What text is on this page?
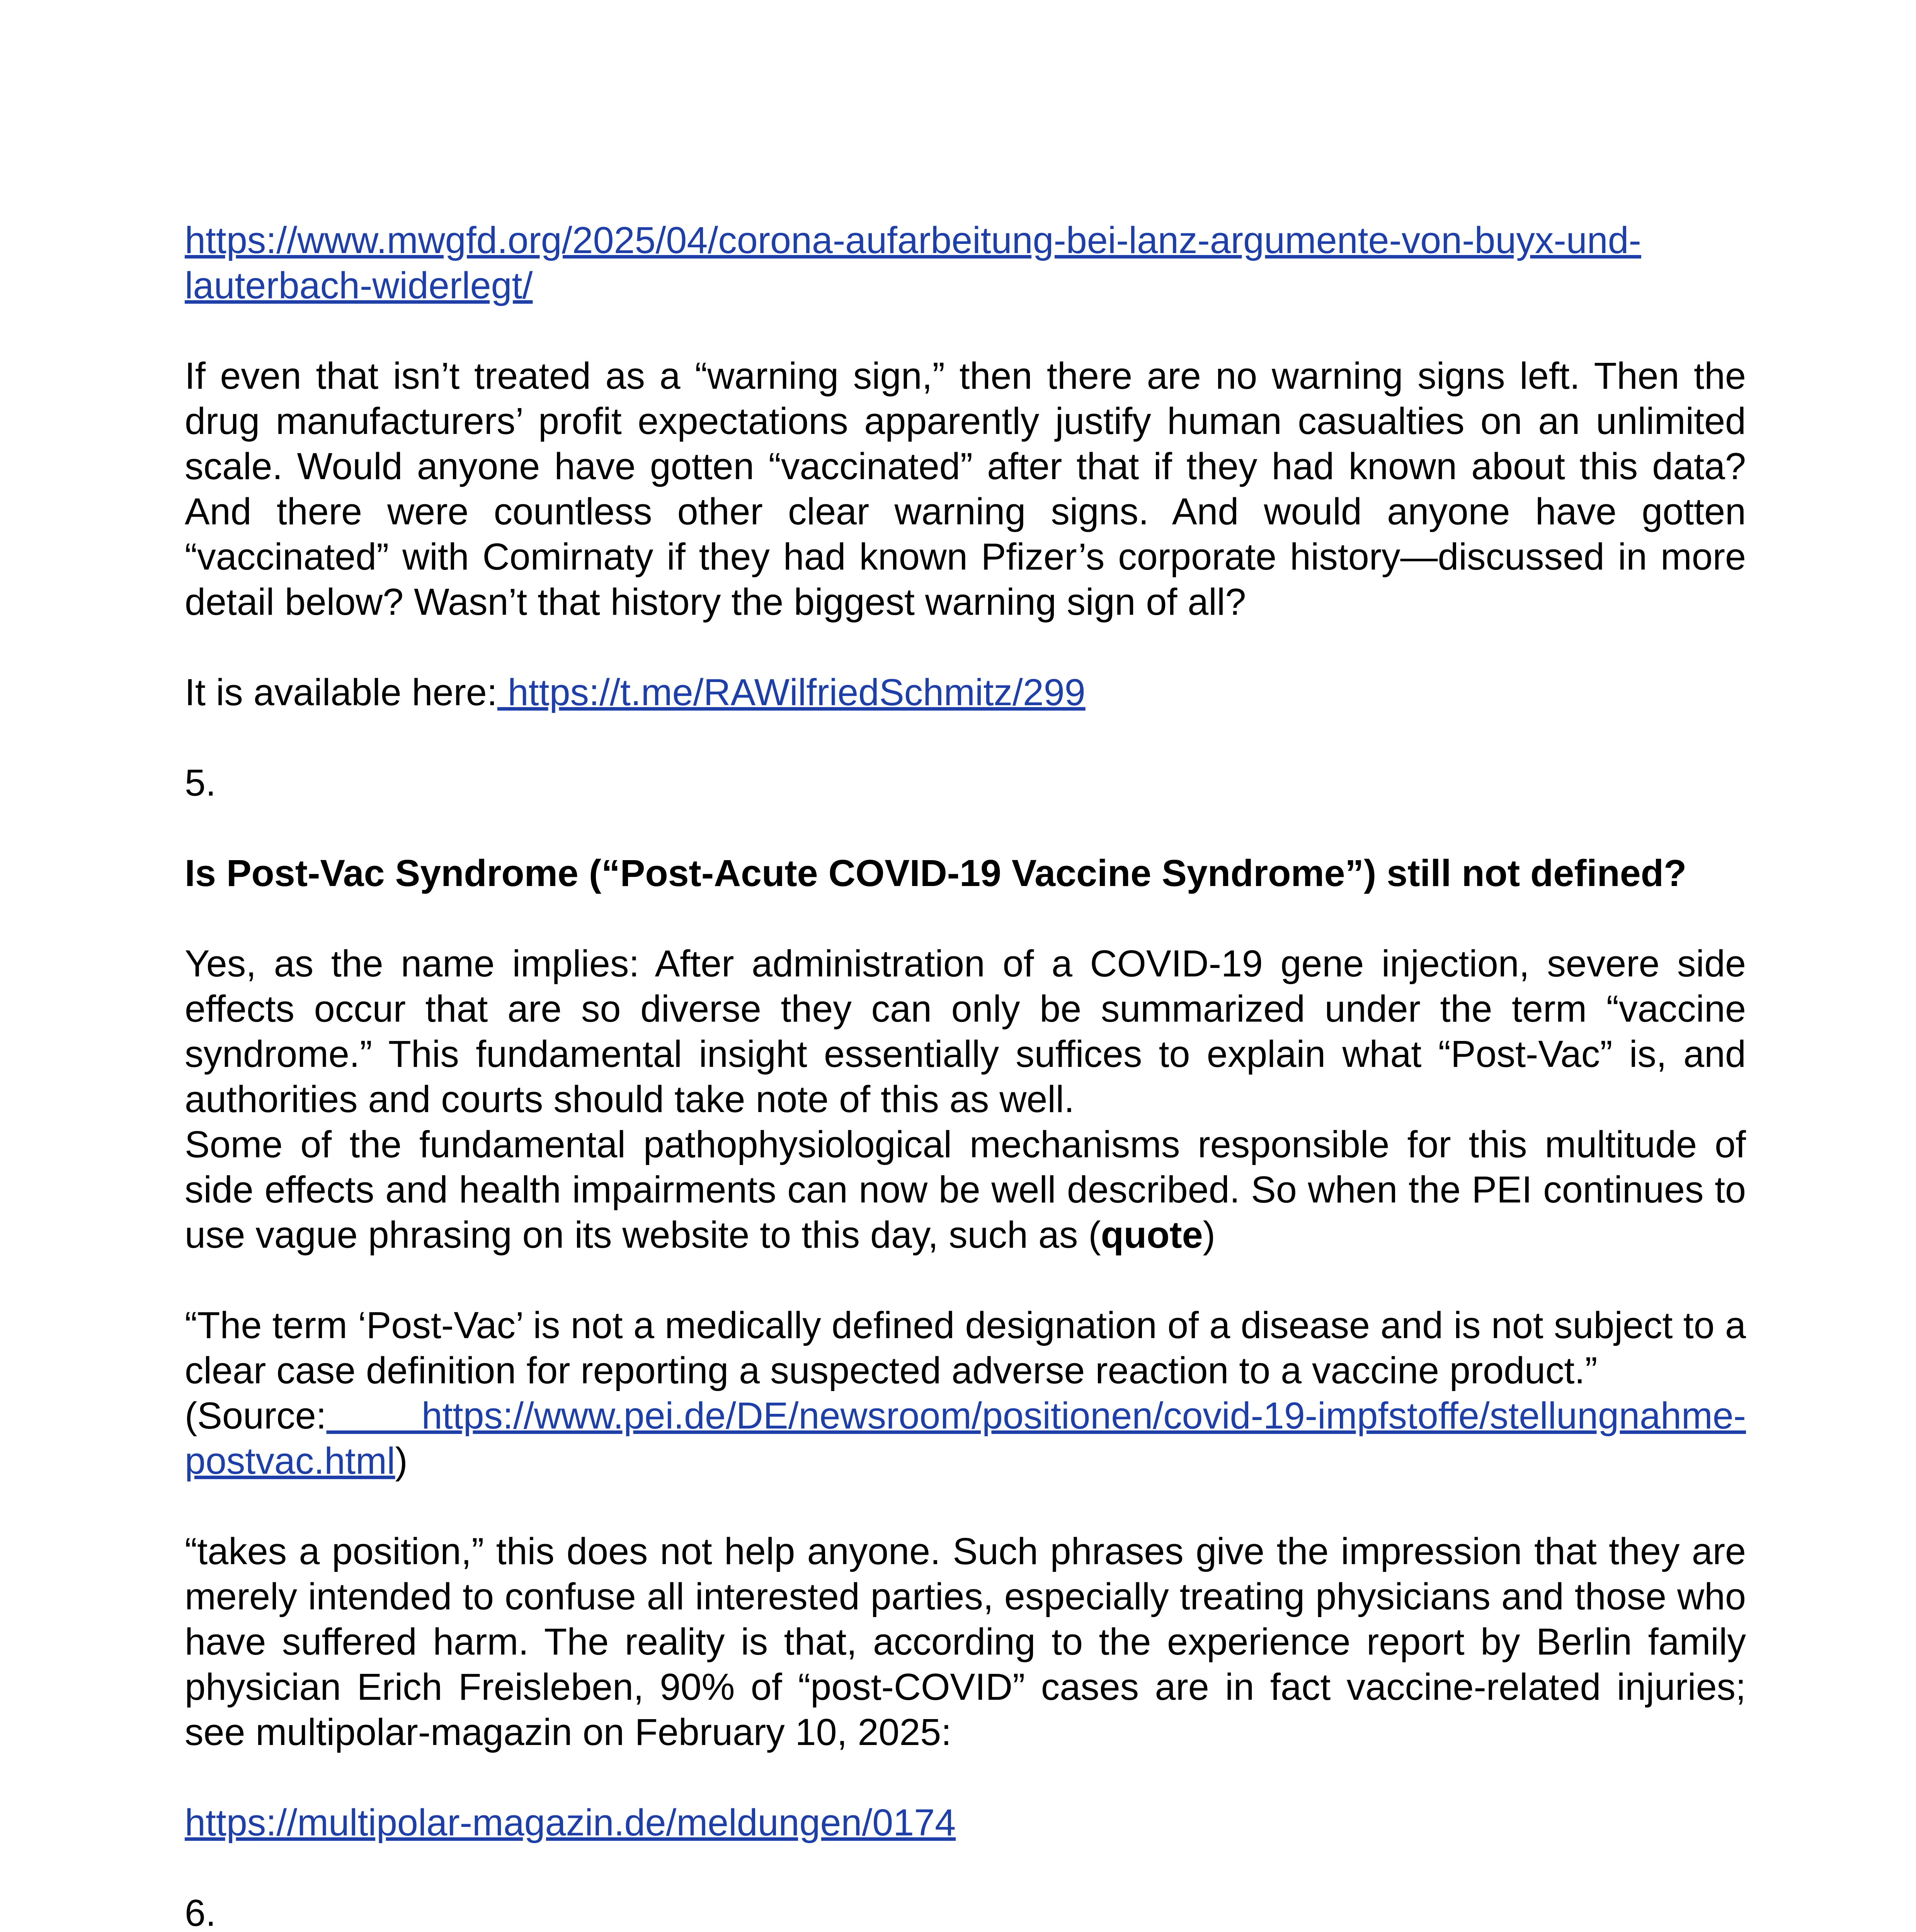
https://www.mwgfd.org/2025/04/corona-aufarbeitung-bei-lanz-argumente-von-buyx-und-lauterbach-widerlegt/

If even that isn’t treated as a “warning sign,” then there are no warning signs left. Then the drug manufacturers’ profit expectations apparently justify human casualties on an unlimited scale. Would anyone have gotten “vaccinated” after that if they had known about this data? And there were countless other clear warning signs. And would anyone have gotten “vaccinated” with Comirnaty if they had known Pfizer’s corporate history—discussed in more detail below? Wasn’t that history the biggest warning sign of all?

It is available here: https://t.me/RAWilfriedSchmitz/299

5.

Is Post-Vac Syndrome (“Post-Acute COVID-19 Vaccine Syndrome”) still not defined?

Yes, as the name implies: After administration of a COVID-19 gene injection, severe side effects occur that are so diverse they can only be summarized under the term “vaccine syndrome.” This fundamental insight essentially suffices to explain what “Post-Vac” is, and authorities and courts should take note of this as well.

Some of the fundamental pathophysiological mechanisms responsible for this multitude of side effects and health impairments can now be well described. So when the PEI continues to use vague phrasing on its website to this day, such as (quote)

“The term ‘Post-Vac’ is not a medically defined designation of a disease and is not subject to a clear case definition for reporting a suspected adverse reaction to a vaccine product.”

(Source: https://www.pei.de/DE/newsroom/positionen/covid-19-impfstoffe/stellungnahme-postvac.html)

“takes a position,” this does not help anyone. Such phrases give the impression that they are merely intended to confuse all interested parties, especially treating physicians and those who have suffered harm. The reality is that, according to the experience report by Berlin family physician Erich Freisleben, 90% of “post-COVID” cases are in fact vaccine-related injuries; see multipolar-magazin on February 10, 2025:

https://multipolar-magazin.de/meldungen/0174

6.
